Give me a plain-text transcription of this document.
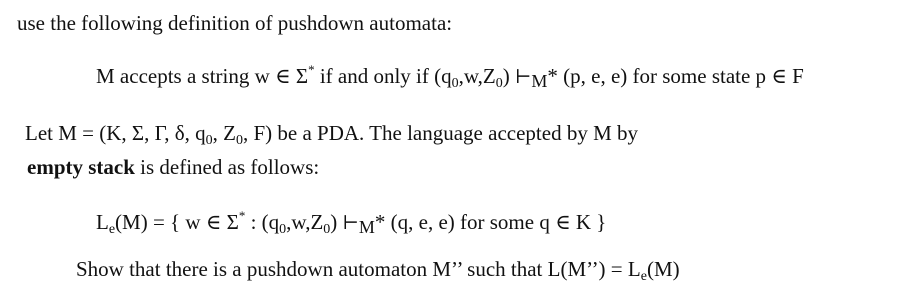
use the following definition of pushdown automata:
M accepts a string w ∈ Σ* if and only if $(q_0,w,Z_0)$ $⊢_M*$ (p, e, e) for some state p ∈ F
Let M = (K, Σ, Γ, δ, $q_0$, $Z_0$, F) be a PDA. The language accepted by M by
empty stack is defined as follows:
$L_e(M)$ = { w ∈ Σ* : $(q_0,w,Z_0)$ $⊢_M*$ (q, e, e) for some q ∈ K }
Show that there is a pushdown automaton M’’ such that L(M’’) = $L_e(M)$
